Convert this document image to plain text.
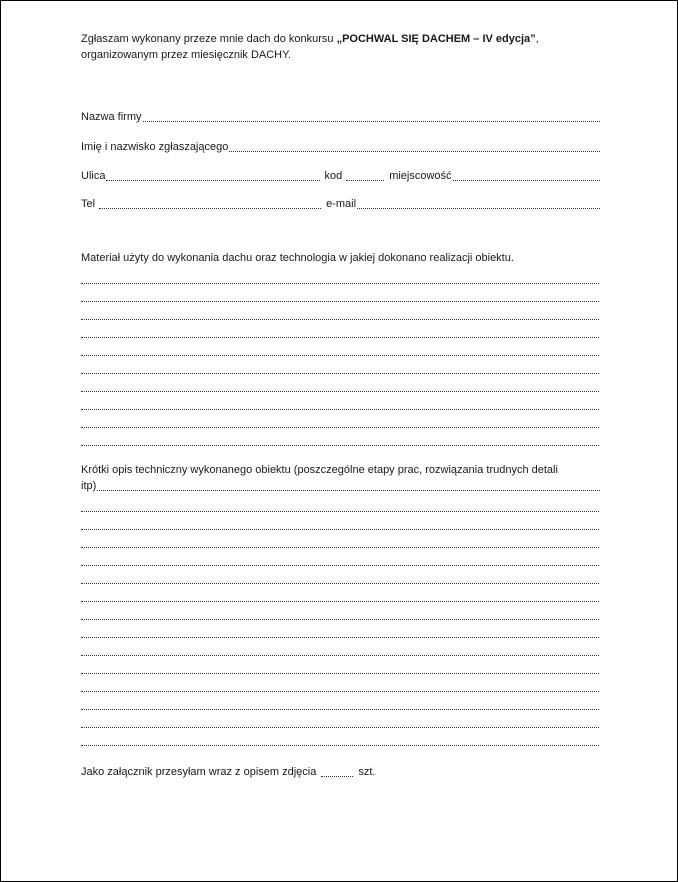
Zgłaszam wykonany przeze mnie dach do konkursu „POCHWAL SIĘ DACHEM – IV edycja”,
organizowanym przez miesięcznik DACHY.

Nazwa firmy
Imię i nazwisko zgłaszającego
Ulica	kod	miejscowość
Tel	e-mail

Materiał użyty do wykonania dachu oraz technologia w jakiej dokonano realizacji obiektu.

Krótki opis techniczny wykonanego obiektu (poszczególne etapy prac, rozwiązania trudnych detali

itp)
Jako załącznik przesyłam wraz z opisem zdjęcia	szt.
